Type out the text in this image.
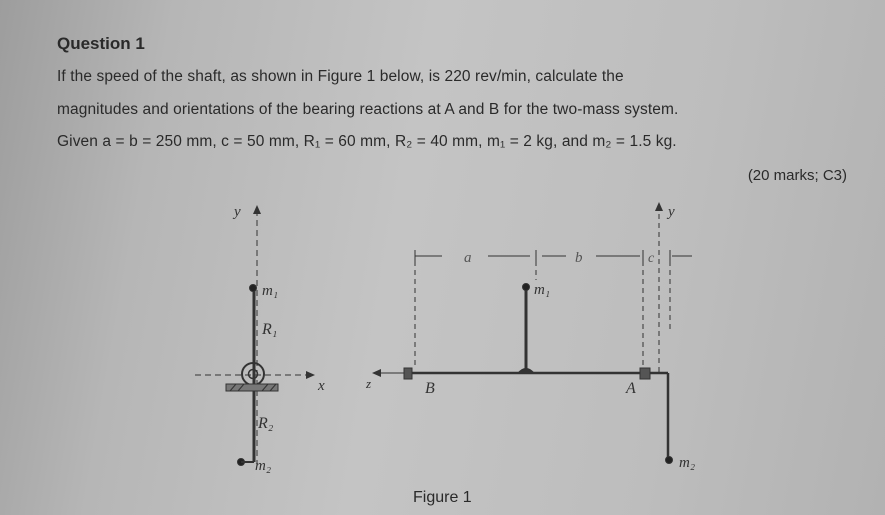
Question 1
If the speed of the shaft, as shown in Figure 1 below, is 220 rev/min, calculate the
magnitudes and orientations of the bearing reactions at A and B for the two-mass system.
Given a = b = 250 mm, c = 50 mm, R₁ = 60 mm, R₂ = 40 mm, m₁ = 2 kg, and m₂ = 1.5 kg.
(20 marks; C3)
y
x
m₁
R₁
R₂
m₂
z
a	b	c
y
m₁
m₂
B	A
Figure 1
